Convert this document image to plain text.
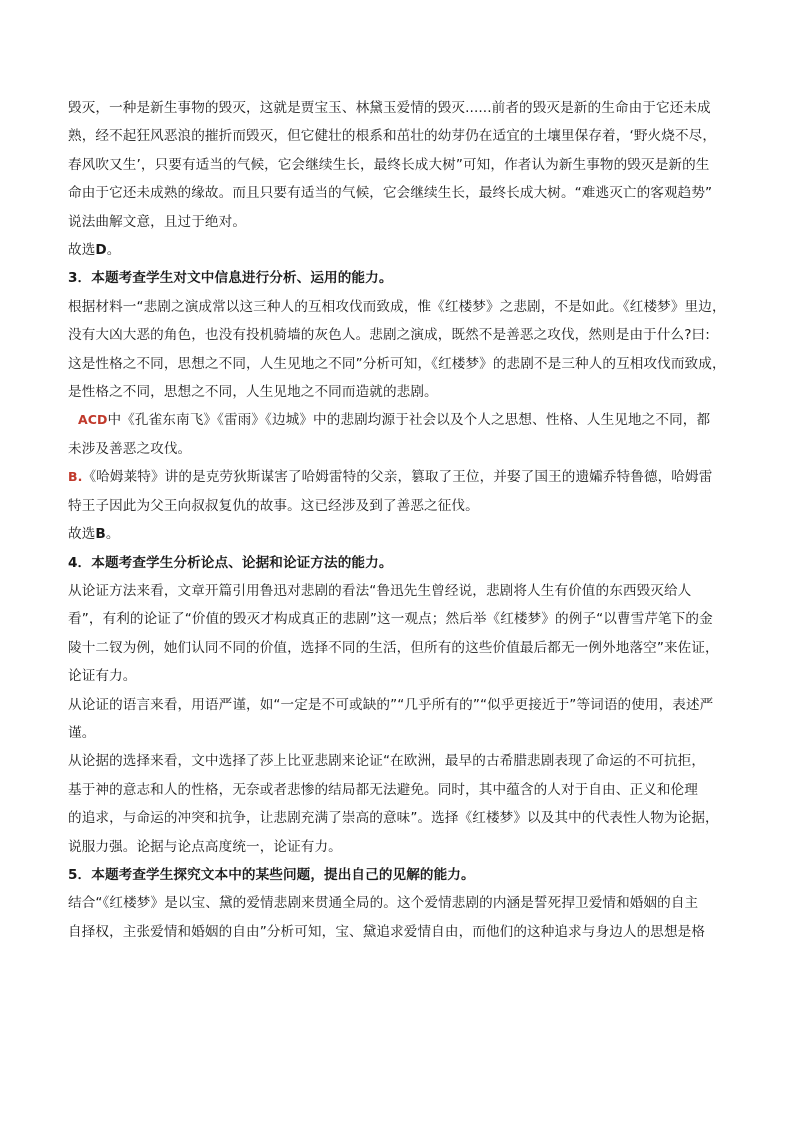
毁灭，一种是新生事物的毁灭，这就是贾宝玉、林黛玉爱情的毁灭......前者的毁灭是新的生命由于它还未成

熟，经不起狂风恶浪的摧折而毁灭，但它健壮的根系和茁壮的幼芽仍在适宜的土壤里保存着，‘野火烧不尽，

春风吹又生’，只要有适当的气候，它会继续生长，最终长成大树”可知，作者认为新生事物的毁灭是新的生

命由于它还未成熟的缘故。而且只要有适当的气候，它会继续生长，最终长成大树。“难逃灭亡的客观趋势”

说法曲解文意，且过于绝对。

故选D。

3．本题考查学生对文中信息进行分析、运用的能力。

根据材料一“悲剧之演成常以这三种人的互相攻伐而致成，惟《红楼梦》之悲剧，不是如此。《红楼梦》里边，

没有大凶大恶的角色，也没有投机骑墙的灰色人。悲剧之演成，既然不是善恶之攻伐，然则是由于什么?曰:

这是性格之不同，思想之不同，人生见地之不同”分析可知，《红楼梦》的悲剧不是三种人的互相攻伐而致成，

是性格之不同，思想之不同，人生见地之不同而造就的悲剧。

ACD中《孔雀东南飞》《雷雨》《边城》中的悲剧均源于社会以及个人之思想、性格、人生见地之不同，都

未涉及善恶之攻伐。

B.《哈姆莱特》讲的是克劳狄斯谋害了哈姆雷特的父亲，篡取了王位，并娶了国王的遗孀乔特鲁德，哈姆雷

特王子因此为父王向叔叔复仇的故事。这已经涉及到了善恶之征伐。

故选B。

4．本题考查学生分析论点、论据和论证方法的能力。

从论证方法来看，文章开篇引用鲁迅对悲剧的看法“鲁迅先生曾经说，悲剧将人生有价值的东西毁灭给人

看”，有利的论证了“价值的毁灭才构成真正的悲剧”这一观点；然后举《红楼梦》的例子“以曹雪芹笔下的金

陵十二钗为例，她们认同不同的价值，选择不同的生活，但所有的这些价值最后都无一例外地落空”来佐证，

论证有力。

从论证的语言来看，用语严谨，如“一定是不可或缺的”“几乎所有的”“似乎更接近于”等词语的使用，表述严

谨。

从论据的选择来看，文中选择了莎上比亚悲剧来论证“在欧洲，最早的古希腊悲剧表现了命运的不可抗拒，

基于神的意志和人的性格，无奈或者悲惨的结局都无法避免。同时，其中蕴含的人对于自由、正义和伦理

的追求，与命运的冲突和抗争，让悲剧充满了崇高的意味”。选择《红楼梦》以及其中的代表性人物为论据，

说服力强。论据与论点高度统一，论证有力。

5．本题考查学生探究文本中的某些问题，提出自己的见解的能力。

结合“《红楼梦》是以宝、黛的爱情悲剧来贯通全局的。这个爱情悲剧的内涵是誓死捍卫爱情和婚姻的自主

自择权，主张爱情和婚姻的自由”分析可知，宝、黛追求爱情自由，而他们的这种追求与身边人的思想是格
